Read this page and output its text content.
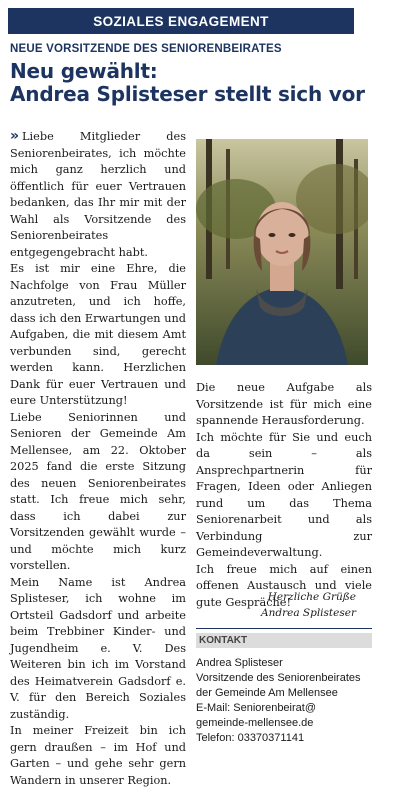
SOZIALES ENGAGEMENT
NEUE VORSITZENDE DES SENIORENBEIRATES
Neu gewählt:
Andrea Splisteser stellt sich vor

» Liebe Mitglieder des Seniorenbeirates, ich möchte mich ganz herzlich und öffentlich für euer Vertrauen bedanken, das Ihr mir mit der Wahl als Vorsitzende des Seniorenbeirates entgegengebracht habt.

Es ist mir eine Ehre, die Nachfolge von Frau Müller anzutreten, und ich hoffe, dass ich den Erwartungen und Aufgaben, die mit diesem Amt verbunden sind, gerecht werden kann. Herzlichen Dank für euer Vertrauen und eure Unterstützung!

Liebe Seniorinnen und Senioren der Gemeinde Am Mellensee, am 22. Oktober 2025 fand die erste Sitzung des neuen Seniorenbeirates statt. Ich freue mich sehr, dass ich dabei zur Vorsitzenden gewählt wurde – und möchte mich kurz vorstellen.

Mein Name ist Andrea Splisteser, ich wohne im Ortsteil Gadsdorf und arbeite beim Trebbiner Kinder- und Jugendheim e. V. Des Weiteren bin ich im Vorstand des Heimatverein Gadsdorf e. V. für den Bereich Soziales zuständig.

In meiner Freizeit bin ich gern draußen – im Hof und Garten – und gehe sehr gern Wandern in unserer Region.

Die neue Aufgabe als Vorsitzende ist für mich eine spannende Herausforderung.

Ich möchte für Sie und euch da sein – als Ansprechpartnerin für Fragen, Ideen oder Anliegen rund um das Thema Seniorenarbeit und als Verbindung zur Gemeindeverwaltung.

Ich freue mich auf einen offenen Austausch und viele gute Gespräche!

Herzliche Grüße
Andrea Splisteser
KONTAKT
Andrea Splisteser
Vorsitzende des Seniorenbeirates
der Gemeinde Am Mellensee
E-Mail: Seniorenbeirat@
gemeinde-mellensee.de
Telefon: 03370371141
